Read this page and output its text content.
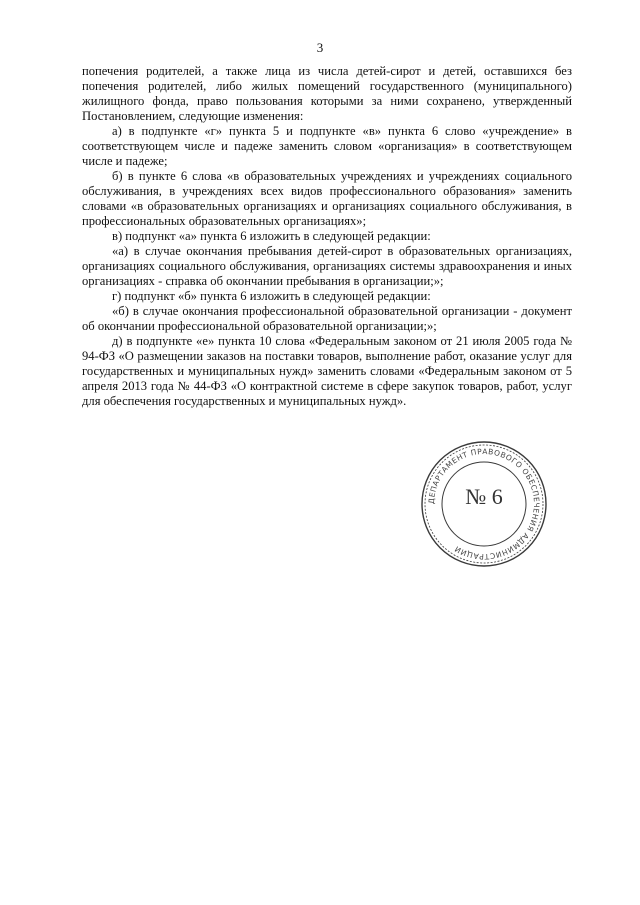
3

попечения родителей, а также лица из числа детей-сирот и детей, оставшихся без попечения родителей, либо жилых помещений государственного (муниципального) жилищного фонда, право пользования которыми за ними сохранено, утвержденный Постановлением, следующие изменения:

а) в подпункте «г» пункта 5 и подпункте «в» пункта 6 слово «учреждение» в соответствующем числе и падеже заменить словом «организация» в соответствующем числе и падеже;

б) в пункте 6 слова «в образовательных учреждениях и учреждениях социального обслуживания, в учреждениях всех видов профессионального образования» заменить словами «в образовательных организациях и организациях социального обслуживания, в профессиональных образовательных организациях»;

в) подпункт «а» пункта 6 изложить в следующей редакции:

«а) в случае окончания пребывания детей-сирот в образовательных организациях, организациях социального обслуживания, организациях системы здравоохранения и иных организациях - справка об окончании пребывания в организации;»;

г) подпункт «б» пункта 6 изложить в следующей редакции:

«б) в случае окончания профессиональной образовательной организации - документ об окончании профессиональной образовательной организации;»;

д) в подпункте «е» пункта 10 слова «Федеральным законом от 21 июля 2005 года № 94-ФЗ «О размещении заказов на поставки товаров, выполнение работ, оказание услуг для государственных и муниципальных нужд» заменить словами «Федеральным законом от 5 апреля 2013 года № 44-ФЗ «О контрактной системе в сфере закупок товаров, работ, услуг для обеспечения государственных и муниципальных нужд».

ДЕПАРТАМЕНТ ПРАВОВОГО ОБЕСПЕЧЕНИЯ АДМИНИСТРАЦИИ
№ 6
